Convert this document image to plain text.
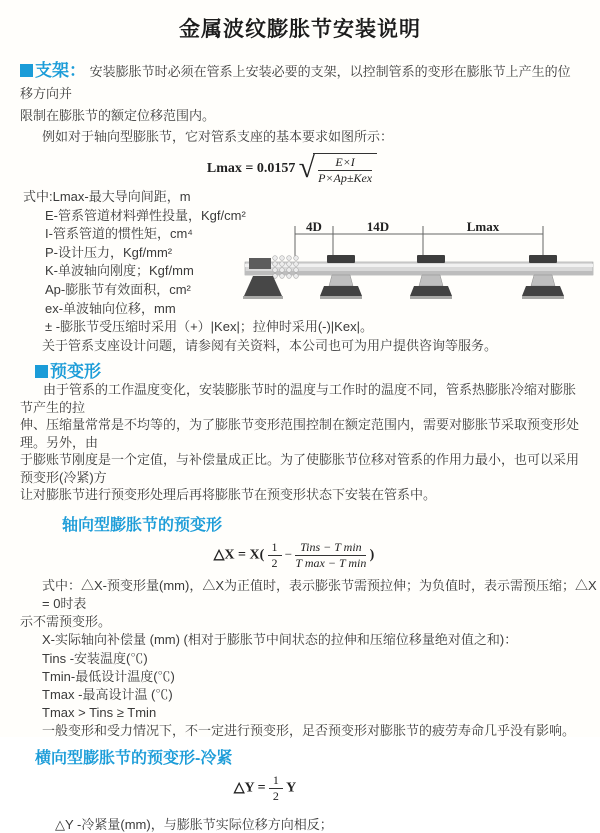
金属波纹膨胀节安装说明
支架： 安装膨胀节时必须在管系上安装必要的支架，以控制管系的变形在膨胀节上产生的位移方向并
限制在膨胀节的额定位移范围内。
例如对于轴向型膨胀节，它对管系支座的基本要求如图所示：
Lmax = 0.0157 √ $\frac{E\times I}{\text{P×Ap±Kex}}$
式中:Lmax-最大导向间距，m
E-管系管道材料弹性投量，Kgf/cm²
I-管系管道的惯性矩，cm⁴
P-设计压力，Kgf/mm²
K-单波轴向刚度；Kgf/mm
Ap-膨胀节有效面积，cm²
ex-单波轴向位移，mm
± -膨胀节受压缩时采用（+）|Kex|；拉伸时采用(-)|Kex|。
关于管系支座设计问题，请参阅有关资料，本公司也可为用户提供咨询等服务。
4D	14D	Lmax
预变形
由于管系的工作温度变化，安装膨胀节时的温度与工作时的温度不同，管系热膨胀冷缩对膨胀节产生的拉
伸、压缩量常常是不均等的，为了膨胀节变形范围控制在额定范围内，需要对膨胀节采取预变形处理。另外，由
于膨账节刚度是一个定值，与补偿量成正比。为了使膨胀节位移对管系的作用力最小，也可以采用预变形(冷紧)方
让对膨胀节进行预变形处理后再将膨胀节在预变形状态下安装在管系中。
轴向型膨胀节的预变形
△X = $X( \frac{1}{2} - \frac{\text{Tins − T min}}{\text{T max − T min}}$ )
式中：△X-预变形量(mm)，△X为正值时，表示膨张节需预拉伸；为负值时，表示需预压缩；△X = 0时表
示不需预变形。
X-实际轴向补偿量 (mm) (相对于膨胀节中间状态的拉伸和压缩位移量绝对值之和)：
Tins -安装温度(℃)
Tmin-最低设计温度(℃)
Tmax -最高设计温 (℃)
Tmax > Tins ≥ Tmin
一般变形和受力情况下，不一定进行预变形，足否预变形对膨胀节的疲劳寿命几乎没有影响。
横向型膨胀节的预变形-冷紧
△Y = $\frac{1}{2}$ Y
△Y -冷紧量(mm)，与膨胀节实际位移方向相反；
